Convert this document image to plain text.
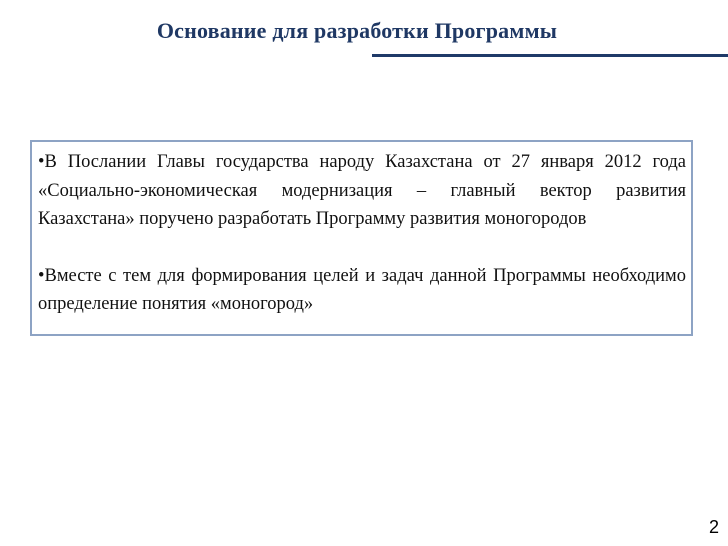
Основание для разработки Программы

•В Послании Главы государства народу Казахстана от 27 января 2012 года «Социально-экономическая модернизация – главный вектор развития Казахстана» поручено разработать Программу развития моногородов

•Вместе с тем для формирования целей и задач данной Программы необходимо определение понятия «моногород»

2
